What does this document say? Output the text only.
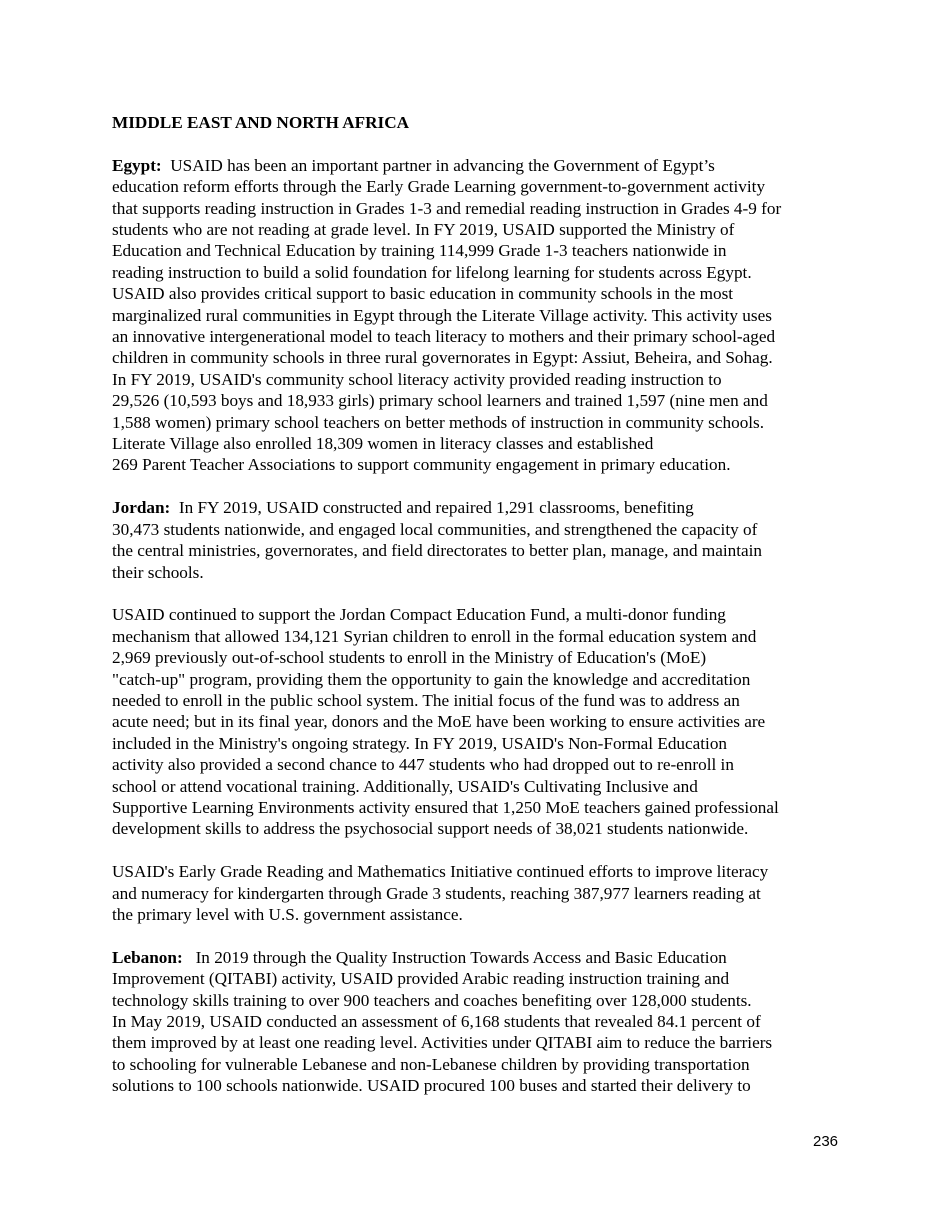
MIDDLE EAST AND NORTH AFRICA
Egypt:  USAID has been an important partner in advancing the Government of Egypt’s
education reform efforts through the Early Grade Learning government-to-government activity
that supports reading instruction in Grades 1-3 and remedial reading instruction in Grades 4-9 for
students who are not reading at grade level. In FY 2019, USAID supported the Ministry of
Education and Technical Education by training 114,999 Grade 1-3 teachers nationwide in
reading instruction to build a solid foundation for lifelong learning for students across Egypt.
USAID also provides critical support to basic education in community schools in the most
marginalized rural communities in Egypt through the Literate Village activity. This activity uses
an innovative intergenerational model to teach literacy to mothers and their primary school-aged
children in community schools in three rural governorates in Egypt: Assiut, Beheira, and Sohag.
In FY 2019, USAID's community school literacy activity provided reading instruction to
29,526 (10,593 boys and 18,933 girls) primary school learners and trained 1,597 (nine men and
1,588 women) primary school teachers on better methods of instruction in community schools.
Literate Village also enrolled 18,309 women in literacy classes and established
269 Parent Teacher Associations to support community engagement in primary education.
Jordan:  In FY 2019, USAID constructed and repaired 1,291 classrooms, benefiting
30,473 students nationwide, and engaged local communities, and strengthened the capacity of
the central ministries, governorates, and field directorates to better plan, manage, and maintain
their schools.
USAID continued to support the Jordan Compact Education Fund, a multi-donor funding
mechanism that allowed 134,121 Syrian children to enroll in the formal education system and
2,969 previously out-of-school students to enroll in the Ministry of Education's (MoE)
"catch-up" program, providing them the opportunity to gain the knowledge and accreditation
needed to enroll in the public school system. The initial focus of the fund was to address an
acute need; but in its final year, donors and the MoE have been working to ensure activities are
included in the Ministry's ongoing strategy. In FY 2019, USAID's Non-Formal Education
activity also provided a second chance to 447 students who had dropped out to re-enroll in
school or attend vocational training. Additionally, USAID's Cultivating Inclusive and
Supportive Learning Environments activity ensured that 1,250 MoE teachers gained professional
development skills to address the psychosocial support needs of 38,021 students nationwide.
USAID's Early Grade Reading and Mathematics Initiative continued efforts to improve literacy
and numeracy for kindergarten through Grade 3 students, reaching 387,977 learners reading at
the primary level with U.S. government assistance.
Lebanon:   In 2019 through the Quality Instruction Towards Access and Basic Education
Improvement (QITABI) activity, USAID provided Arabic reading instruction training and
technology skills training to over 900 teachers and coaches benefiting over 128,000 students.
In May 2019, USAID conducted an assessment of 6,168 students that revealed 84.1 percent of
them improved by at least one reading level. Activities under QITABI aim to reduce the barriers
to schooling for vulnerable Lebanese and non-Lebanese children by providing transportation
solutions to 100 schools nationwide. USAID procured 100 buses and started their delivery to
236
